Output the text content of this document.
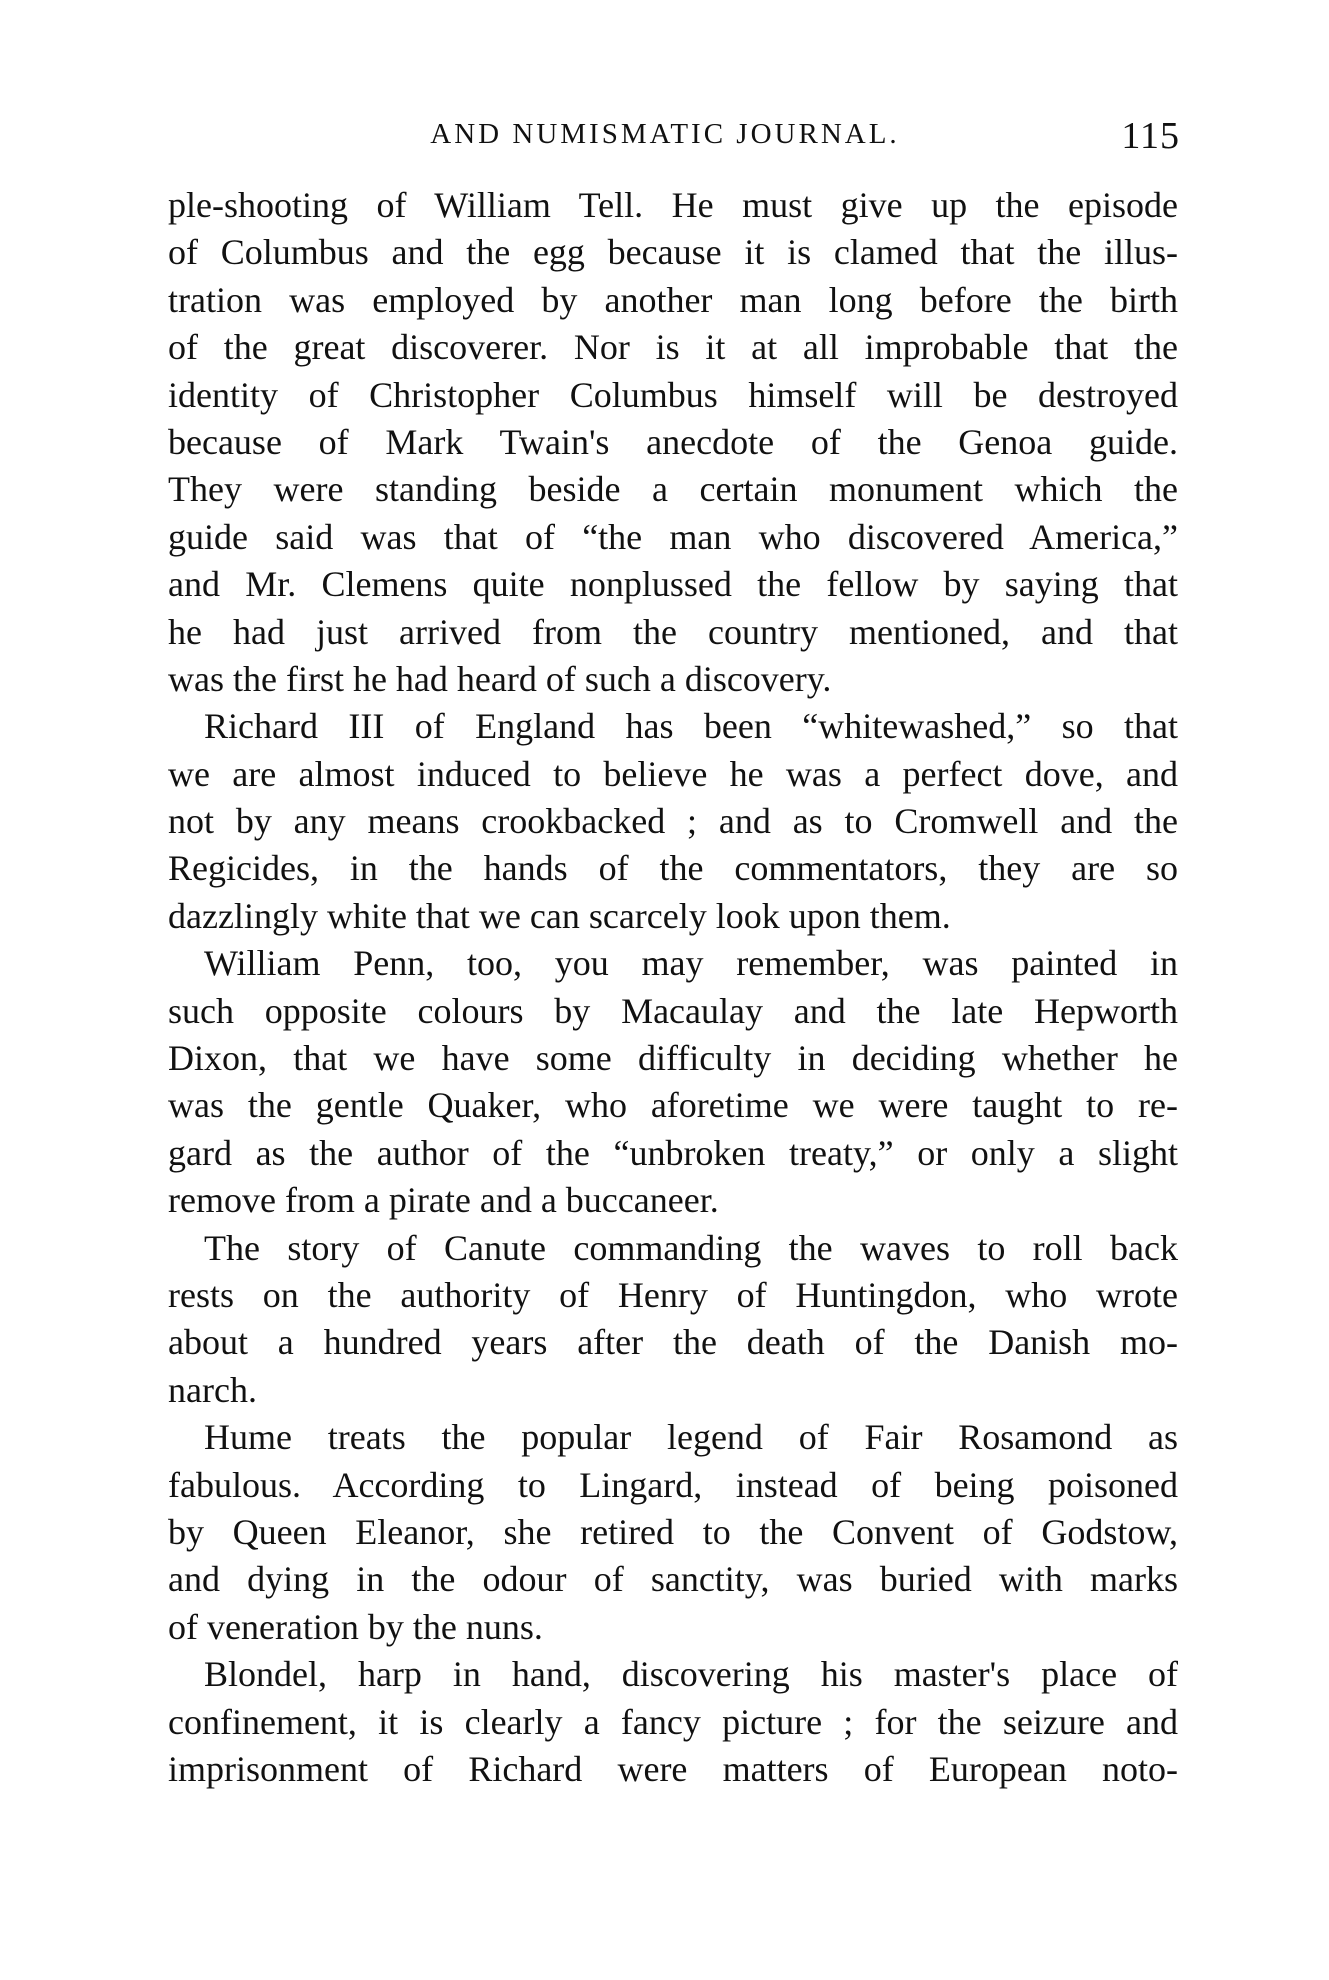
AND NUMISMATIC JOURNAL.	115
ple-shooting of William Tell. He must give up the episode
of Columbus and the egg because it is clamed that the illus-
tration was employed by another man long before the birth
of the great discoverer. Nor is it at all improbable that the
identity of Christopher Columbus himself will be destroyed
because of Mark Twain's anecdote of the Genoa guide.
They were standing beside a certain monument which the
guide said was that of “the man who discovered America,”
and Mr. Clemens quite nonplussed the fellow by saying that
he had just arrived from the country mentioned, and that
was the first he had heard of such a discovery.
Richard III of England has been “whitewashed,” so that
we are almost induced to believe he was a perfect dove, and
not by any means crookbacked ; and as to Cromwell and the
Regicides, in the hands of the commentators, they are so
dazzlingly white that we can scarcely look upon them.
William Penn, too, you may remember, was painted in
such opposite colours by Macaulay and the late Hepworth
Dixon, that we have some difficulty in deciding whether he
was the gentle Quaker, who aforetime we were taught to re-
gard as the author of the “unbroken treaty,” or only a slight
remove from a pirate and a buccaneer.
The story of Canute commanding the waves to roll back
rests on the authority of Henry of Huntingdon, who wrote
about a hundred years after the death of the Danish mo-
narch.
Hume treats the popular legend of Fair Rosamond as
fabulous. According to Lingard, instead of being poisoned
by Queen Eleanor, she retired to the Convent of Godstow,
and dying in the odour of sanctity, was buried with marks
of veneration by the nuns.
Blondel, harp in hand, discovering his master's place of
confinement, it is clearly a fancy picture ; for the seizure and
imprisonment of Richard were matters of European noto-
